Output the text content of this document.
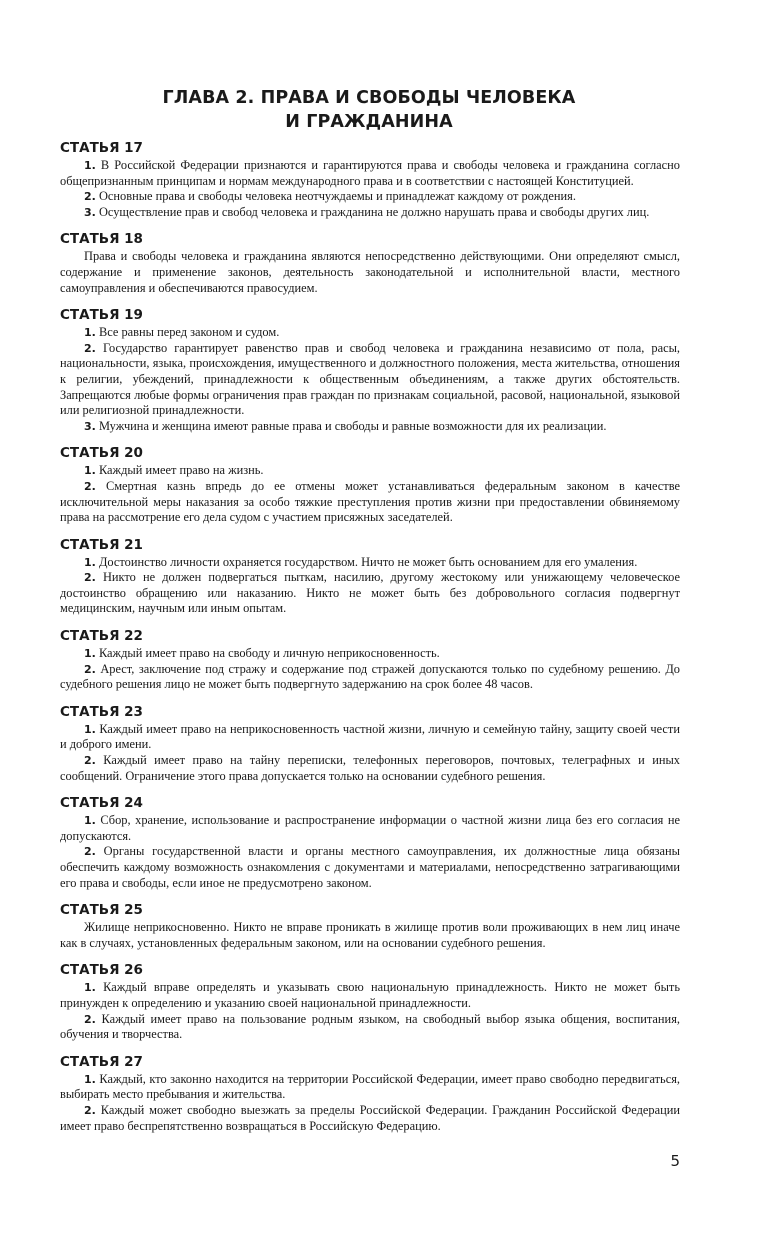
ГЛАВА 2. ПРАВА И СВОБОДЫ ЧЕЛОВЕКА
И ГРАЖДАНИНА
СТАТЬЯ 17

1. В Российской Федерации признаются и гарантируются права и свободы человека и гражданина согласно общепризнанным принципам и нормам международного права и в соответствии с настоящей Конституцией.

2. Основные права и свободы человека неотчуждаемы и принадлежат каждому от рождения.

3. Осуществление прав и свобод человека и гражданина не должно нарушать права и свободы других лиц.

СТАТЬЯ 18

Права и свободы человека и гражданина являются непосредственно действующими. Они определяют смысл, содержание и применение законов, деятельность законодательной и исполнительной власти, местного самоуправления и обеспечиваются правосудием.

СТАТЬЯ 19

1. Все равны перед законом и судом.

2. Государство гарантирует равенство прав и свобод человека и гражданина независимо от пола, расы, национальности, языка, происхождения, имущественного и должностного положения, места жительства, отношения к религии, убеждений, принадлежности к общественным объединениям, а также других обстоятельств. Запрещаются любые формы ограничения прав граждан по признакам социальной, расовой, национальной, языковой или религиозной принадлежности.

3. Мужчина и женщина имеют равные права и свободы и равные возможности для их реализации.

СТАТЬЯ 20

1. Каждый имеет право на жизнь.

2. Смертная казнь впредь до ее отмены может устанавливаться федеральным законом в качестве исключительной меры наказания за особо тяжкие преступления против жизни при предоставлении обвиняемому права на рассмотрение его дела судом с участием присяжных заседателей.

СТАТЬЯ 21

1. Достоинство личности охраняется государством. Ничто не может быть основанием для его умаления.

2. Никто не должен подвергаться пыткам, насилию, другому жестокому или унижающему человеческое достоинство обращению или наказанию. Никто не может быть без добровольного согласия подвергнут медицинским, научным или иным опытам.

СТАТЬЯ 22

1. Каждый имеет право на свободу и личную неприкосновенность.

2. Арест, заключение под стражу и содержание под стражей допускаются только по судебному решению. До судебного решения лицо не может быть подвергнуто задержанию на срок более 48 часов.

СТАТЬЯ 23

1. Каждый имеет право на неприкосновенность частной жизни, личную и семейную тайну, защиту своей чести и доброго имени.

2. Каждый имеет право на тайну переписки, телефонных переговоров, почтовых, телеграфных и иных сообщений. Ограничение этого права допускается только на основании судебного решения.

СТАТЬЯ 24

1. Сбор, хранение, использование и распространение информации о частной жизни лица без его согласия не допускаются.

2. Органы государственной власти и органы местного самоуправления, их должностные лица обязаны обеспечить каждому возможность ознакомления с документами и материалами, непосредственно затрагивающими его права и свободы, если иное не предусмотрено законом.

СТАТЬЯ 25

Жилище неприкосновенно. Никто не вправе проникать в жилище против воли проживающих в нем лиц иначе как в случаях, установленных федеральным законом, или на основании судебного решения.

СТАТЬЯ 26

1. Каждый вправе определять и указывать свою национальную принадлежность. Никто не может быть принужден к определению и указанию своей национальной принадлежности.

2. Каждый имеет право на пользование родным языком, на свободный выбор языка общения, воспитания, обучения и творчества.

СТАТЬЯ 27

1. Каждый, кто законно находится на территории Российской Федерации, имеет право свободно передвигаться, выбирать место пребывания и жительства.

2. Каждый может свободно выезжать за пределы Российской Федерации. Гражданин Российской Федерации имеет право беспрепятственно возвращаться в Российскую Федерацию.

5
